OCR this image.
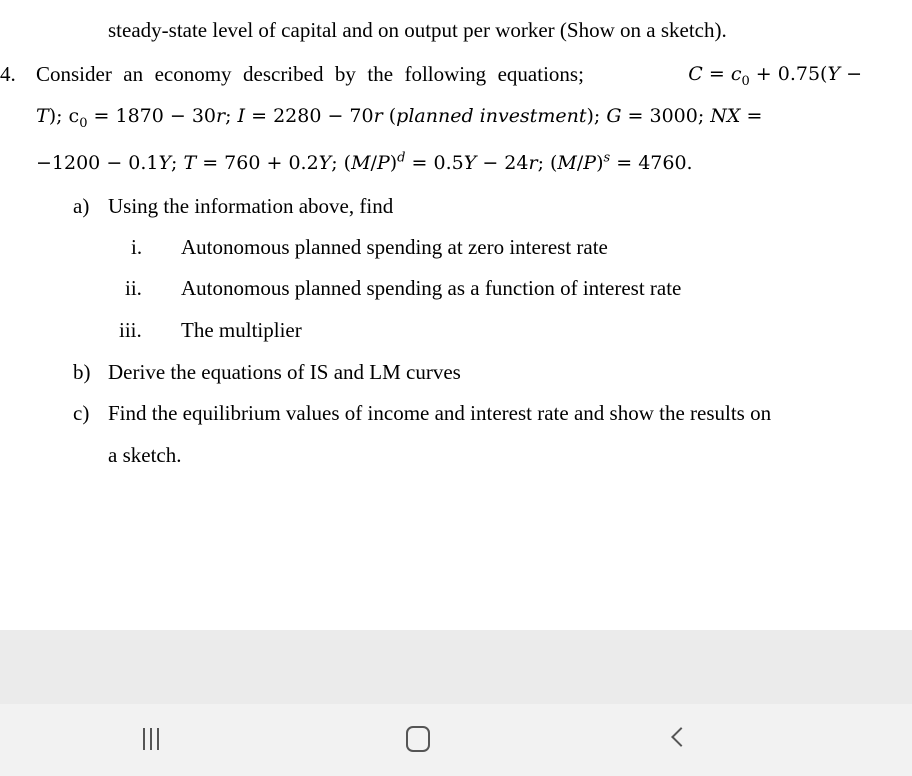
steady-state level of capital and on output per worker (Show on a sketch).
4. Consider an economy described by the following equations;	$C = c_0 + 0.75(Y$ −
T); $c_0 = 1870 - 30r$; I = 2280 − 70r (planned investment); G = 3000; NX =
−1200 − 0.1Y; T = 760 + 0.2Y; $(M/P)^d = 0.5Y - 24r$; $(M/P)^s = 4760$.
a) Using the information above, find
i. Autonomous planned spending at zero interest rate
ii. Autonomous planned spending as a function of interest rate
iii. The multiplier
b) Derive the equations of IS and LM curves
c) Find the equilibrium values of income and interest rate and show the results on
a sketch.
